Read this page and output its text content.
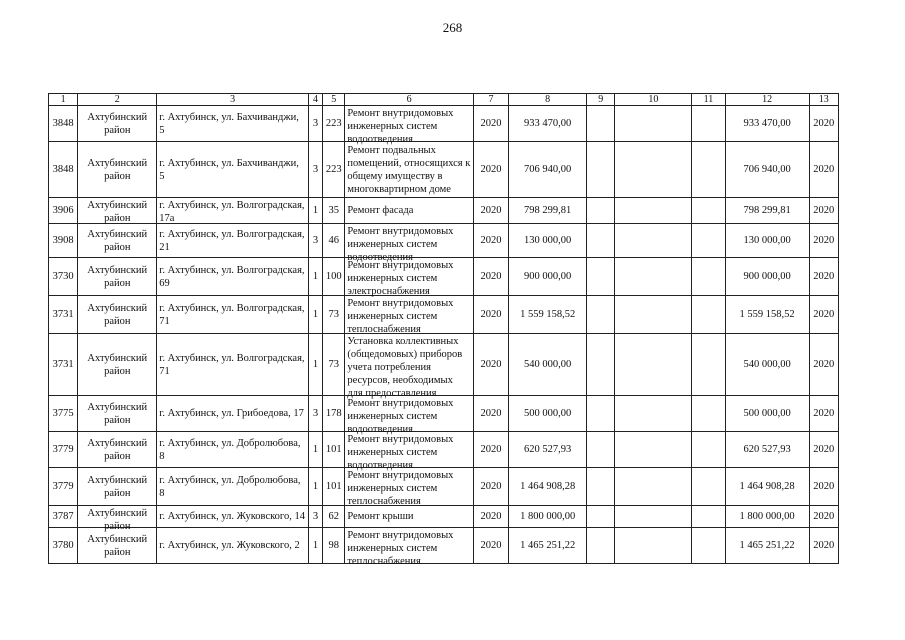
268
1	2	3	4	5	6	7	8	9	10	11	12	13

3848	Ахтубинский район	г. Ахтубинск, ул. Бахчиванджи, 5	3	223	Ремонт внутридомовых инженерных систем водоотведения	2020	933 470,00				933 470,00	2020

3848	Ахтубинский район	г. Ахтубинск, ул. Бахчиванджи, 5	3	223	Ремонт подвальных помещений, относящихся к общему имуществу в многоквартирном доме	2020	706 940,00				706 940,00	2020

3906	Ахтубинский район	г. Ахтубинск, ул. Волгоградская, 17а	1	35	Ремонт фасада	2020	798 299,81				798 299,81	2020

3908	Ахтубинский район	г. Ахтубинск, ул. Волгоградская, 21	3	46	Ремонт внутридомовых инженерных систем водоотведения	2020	130 000,00				130 000,00	2020

3730	Ахтубинский район	г. Ахтубинск, ул. Волгоградская, 69	1	100	Ремонт внутридомовых инженерных систем электроснабжения	2020	900 000,00				900 000,00	2020

3731	Ахтубинский район	г. Ахтубинск, ул. Волгоградская, 71	1	73	Ремонт внутридомовых инженерных систем теплоснабжения	2020	1 559 158,52				1 559 158,52	2020

3731	Ахтубинский район	г. Ахтубинск, ул. Волгоградская, 71	1	73	Установка коллективных (общедомовых) приборов учета потребления ресурсов, необходимых для предоставления	2020	540 000,00				540 000,00	2020

3775	Ахтубинский район	г. Ахтубинск, ул. Грибоедова, 17	3	178	Ремонт внутридомовых инженерных систем водоотведения	2020	500 000,00				500 000,00	2020

3779	Ахтубинский район	г. Ахтубинск, ул. Добролюбова, 8	1	101	Ремонт внутридомовых инженерных систем водоотведения	2020	620 527,93				620 527,93	2020

3779	Ахтубинский район	г. Ахтубинск, ул. Добролюбова, 8	1	101	Ремонт внутридомовых инженерных систем теплоснабжения	2020	1 464 908,28				1 464 908,28	2020

3787	Ахтубинский район	г. Ахтубинск, ул. Жуковского, 14	3	62	Ремонт крыши	2020	1 800 000,00				1 800 000,00	2020

3780	Ахтубинский район	г. Ахтубинск, ул. Жуковского, 2	1	98	Ремонт внутридомовых инженерных систем теплоснабжения	2020	1 465 251,22				1 465 251,22	2020
